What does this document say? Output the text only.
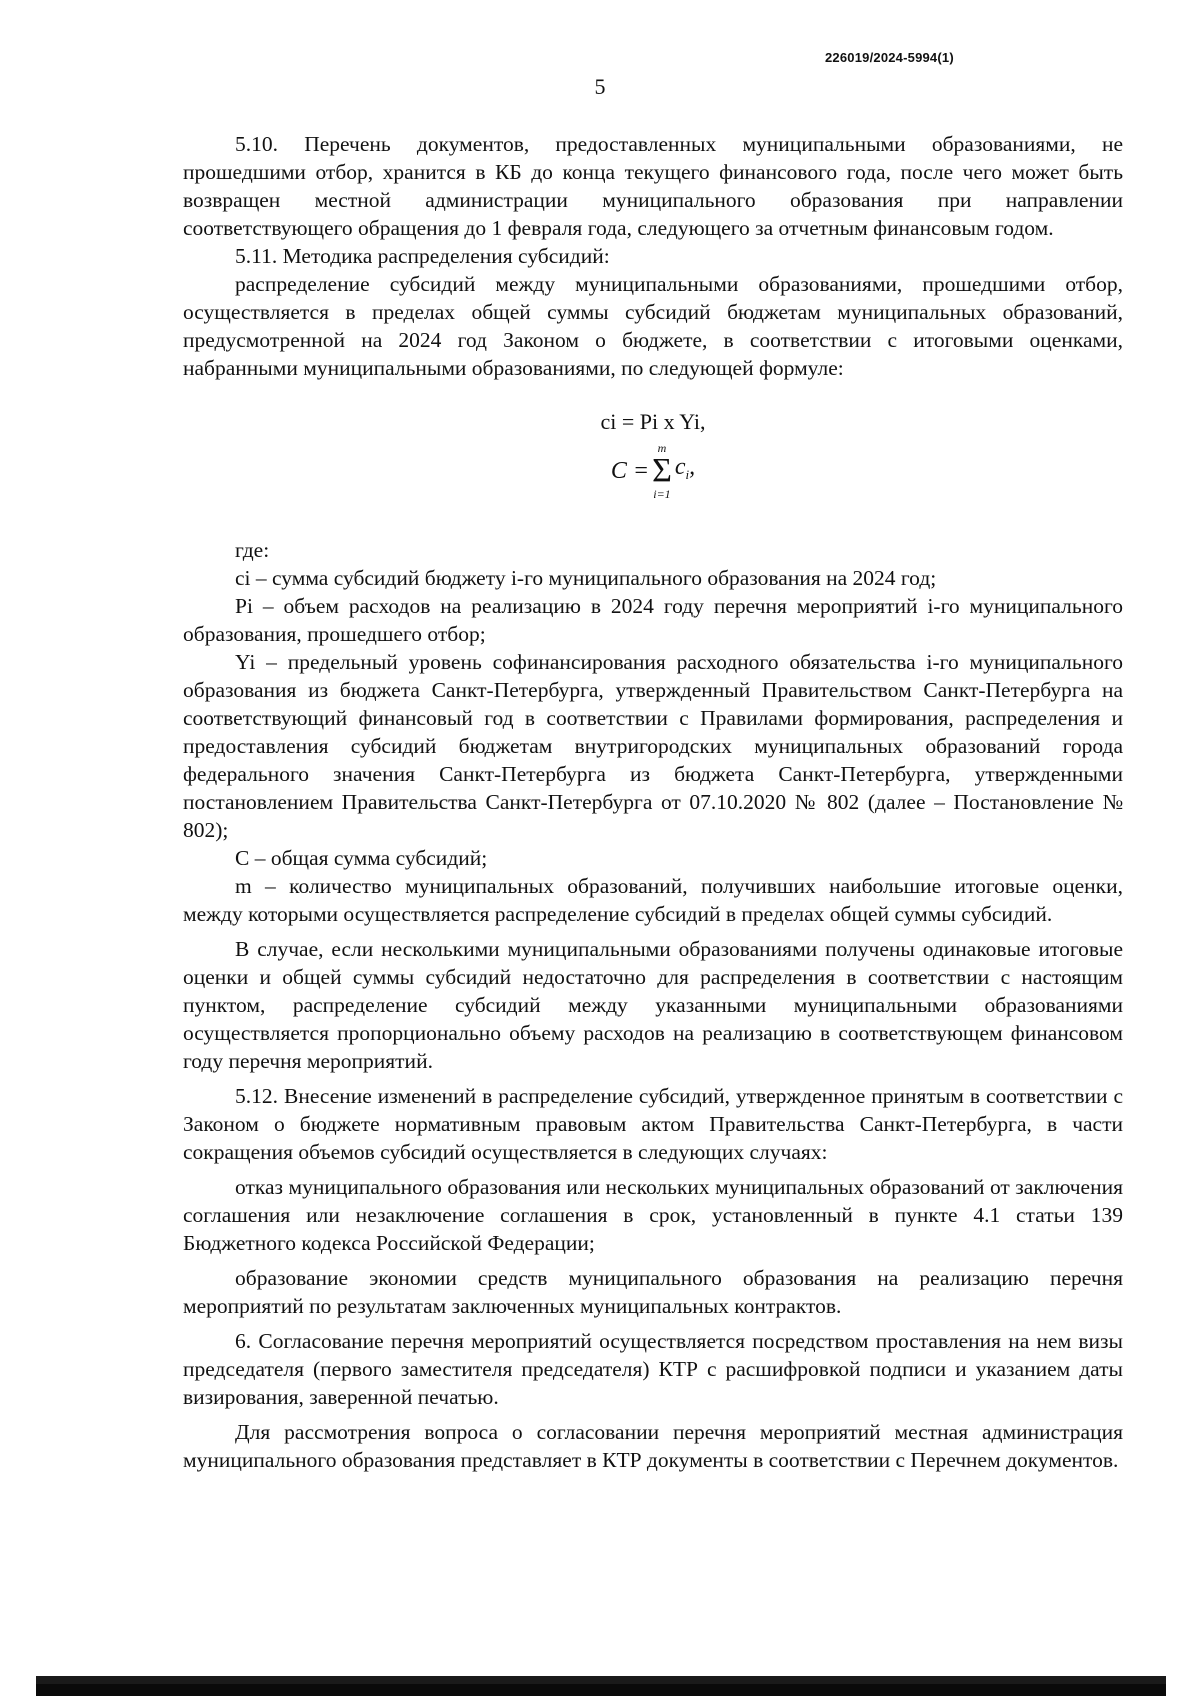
226019/2024-5994(1)
5

5.10. Перечень документов, предоставленных муниципальными образованиями, не прошедшими отбор, хранится в КБ до конца текущего финансового года, после чего может быть возвращен местной администрации муниципального образования при направлении соответствующего обращения до 1 февраля года, следующего за отчетным финансовым годом.

5.11. Методика распределения субсидий:

распределение субсидий между муниципальными образованиями, прошедшими отбор, осуществляется в пределах общей суммы субсидий бюджетам муниципальных образований, предусмотренной на 2024 год Законом о бюджете, в соответствии с итоговыми оценками, набранными муниципальными образованиями, по следующей формуле:

ci = Pi x Yi,
C =
m
Σ
i=1
$c_i$,

где:

ci – сумма субсидий бюджету i-го муниципального образования на 2024 год;

Pi – объем расходов на реализацию в 2024 году перечня мероприятий i-го муниципального образования, прошедшего отбор;

Yi – предельный уровень софинансирования расходного обязательства i-го муниципального образования из бюджета Санкт-Петербурга, утвержденный Правительством Санкт-Петербурга на соответствующий финансовый год в соответствии с Правилами формирования, распределения и предоставления субсидий бюджетам внутригородских муниципальных образований города федерального значения Санкт-Петербурга из бюджета Санкт-Петербурга, утвержденными постановлением Правительства Санкт-Петербурга от 07.10.2020 № 802 (далее – Постановление № 802);

C – общая сумма субсидий;

m – количество муниципальных образований, получивших наибольшие итоговые оценки, между которыми осуществляется распределение субсидий в пределах общей суммы субсидий.

В случае, если несколькими муниципальными образованиями получены одинаковые итоговые оценки и общей суммы субсидий недостаточно для распределения в соответствии с настоящим пунктом, распределение субсидий между указанными муниципальными образованиями осуществляется пропорционально объему расходов на реализацию в соответствующем финансовом году перечня мероприятий.

5.12. Внесение изменений в распределение субсидий, утвержденное принятым в соответствии с Законом о бюджете нормативным правовым актом Правительства Санкт-Петербурга, в части сокращения объемов субсидий осуществляется в следующих случаях:

отказ муниципального образования или нескольких муниципальных образований от заключения соглашения или незаключение соглашения в срок, установленный в пункте 4.1 статьи 139 Бюджетного кодекса Российской Федерации;

образование экономии средств муниципального образования на реализацию перечня мероприятий по результатам заключенных муниципальных контрактов.

6. Согласование перечня мероприятий осуществляется посредством проставления на нем визы председателя (первого заместителя председателя) КТР с расшифровкой подписи и указанием даты визирования, заверенной печатью.

Для рассмотрения вопроса о согласовании перечня мероприятий местная администрация муниципального образования представляет в КТР документы в соответствии с Перечнем документов.
